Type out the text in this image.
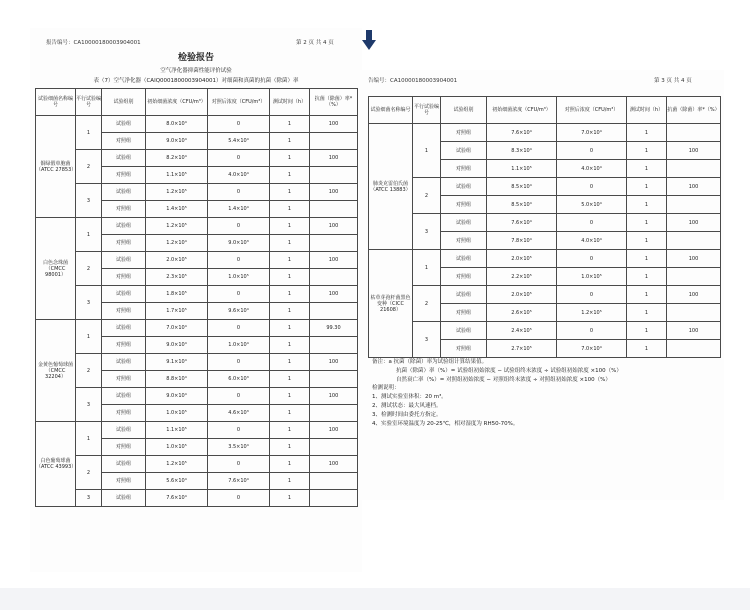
报告编号：CA10000180003904001	第 2 页 共 4 页
检验报告
空气净化器抑菌性能评价试验
表（7）空气净化器（CAIQ0001800003904001）对细菌和真菌的抗菌（除菌）率
试验细菌名称编号	平行试验编号	试验组别	初始细菌浓度（CFU/m³）	对照后浓度（CFU/m³）	测试时间（h）	抗菌（除菌）率*（%）
铜绿假单胞菌（ATCC 27853）	1	试验组	8.0×10⁴	0	1	100
		对照组	9.0×10⁴	5.4×10⁴	1	
	2	试验组	8.2×10⁴	0	1	100
		对照组	1.1×10⁵	4.0×10⁴	1	
	3	试验组	1.2×10⁵	0	1	100
		对照组	1.4×10⁵	1.4×10⁴	1	
白色念珠菌（CMCC 98001）	1	试验组	1.2×10⁵	0	1	100
		对照组	1.2×10⁴	9.0×10³	1	
	2	试验组	2.0×10⁵	0	1	100
		对照组	2.3×10⁵	1.0×10⁵	1	
	3	试验组	1.8×10⁵	0	1	100
		对照组	1.7×10⁵	9.6×10⁴	1	
金黄色葡萄球菌（CMCC 32204）	1	试验组	7.0×10⁴	0	1	99.30
		对照组	9.0×10⁴	1.0×10⁴	1	
	2	试验组	9.1×10⁴	0	1	100
		对照组	8.8×10⁴	6.0×10³	1	
	3	试验组	9.0×10⁴	0	1	100
		对照组	1.0×10⁵	4.6×10³	1	
白色葡萄球菌（ATCC 43993）	1	试验组	1.1×10⁵	0	1	100
		对照组	1.0×10⁵	3.5×10⁴	1	
	2	试验组	1.2×10⁵	0	1	100
		对照组	5.6×10⁴	7.6×10⁴	1	
	3	试验组	7.6×10⁴	0	1	
告编号：CA10000180003904001	第 3 页 共 4 页
试验细菌名称编号	平行试验编号	试验组别	初始细菌浓度（CFU/m³）	对照后浓度（CFU/m³）	测试时间（h）	抗菌（除菌）率*（%）
肺炎克雷伯氏菌（ATCC 13883）	1	对照组	7.6×10⁴	7.0×10⁴	1	
		试验组	8.3×10⁴	0	1	100
		对照组	1.1×10⁵	4.0×10⁴	1	
	2	试验组	8.5×10⁴	0	1	100
		对照组	8.5×10⁴	5.0×10⁴	1	
	3	试验组	7.6×10⁴	0	1	100
		对照组	7.8×10⁴	4.0×10⁴	1	
枯草芽孢杆菌黑色变种（CICC 21608）	1	试验组	2.0×10⁵	0	1	100
		对照组	2.2×10⁵	1.0×10⁵	1	
	2	试验组	2.0×10⁵	0	1	100
		对照组	2.6×10⁵	1.2×10⁵	1	
	3	试验组	2.4×10⁵	0	1	100
		对照组	2.7×10⁵	7.0×10⁴	1	
备注：a 抗菌（除菌）率为试验组计算结果值。
抗菌（除菌）率（%）= 试验组初始浓度 − 试验组终末浓度 ÷ 试验组初始浓度 ×100（%）
自然衰亡率（%）= 对照组初始浓度 − 对照组终末浓度 ÷ 对照组初始浓度 ×100（%）
检测说明：
1、测试实验室体积：20 m³。
2、测试状态：最大风速档。
3、检测时间由委托方指定。
4、实验室环境温度为 20-25℃，相对湿度为 RH50-70%。
